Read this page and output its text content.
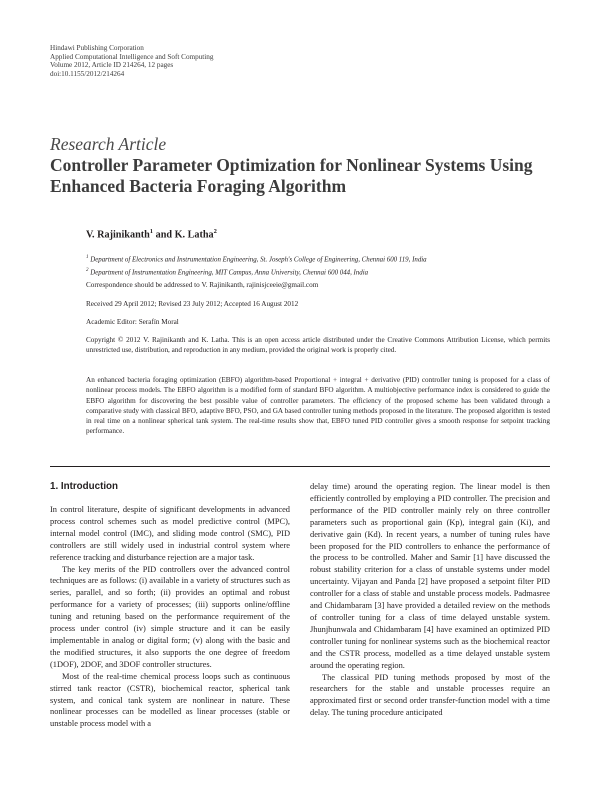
Hindawi Publishing Corporation
Applied Computational Intelligence and Soft Computing
Volume 2012, Article ID 214264, 12 pages
doi:10.1155/2012/214264
Research Article
Controller Parameter Optimization for Nonlinear Systems Using Enhanced Bacteria Foraging Algorithm
V. Rajinikanth$^1$ and K. Latha$^2$
$^1$ Department of Electronics and Instrumentation Engineering, St. Joseph's College of Engineering, Chennai 600 119, India
$^2$ Department of Instrumentation Engineering, MIT Campus, Anna University, Chennai 600 044, India
Correspondence should be addressed to V. Rajinikanth, rajinisjceeie@gmail.com
Received 29 April 2012; Revised 23 July 2012; Accepted 16 August 2012
Academic Editor: Serafín Moral
Copyright © 2012 V. Rajinikanth and K. Latha. This is an open access article distributed under the Creative Commons Attribution License, which permits unrestricted use, distribution, and reproduction in any medium, provided the original work is properly cited.
An enhanced bacteria foraging optimization (EBFO) algorithm-based Proportional + integral + derivative (PID) controller tuning is proposed for a class of nonlinear process models. The EBFO algorithm is a modified form of standard BFO algorithm. A multiobjective performance index is considered to guide the EBFO algorithm for discovering the best possible value of controller parameters. The efficiency of the proposed scheme has been validated through a comparative study with classical BFO, adaptive BFO, PSO, and GA based controller tuning methods proposed in the literature. The proposed algorithm is tested in real time on a nonlinear spherical tank system. The real-time results show that, EBFO tuned PID controller gives a smooth response for setpoint tracking performance.
1. Introduction

In control literature, despite of significant developments in advanced process control schemes such as model predictive control (MPC), internal model control (IMC), and sliding mode control (SMC), PID controllers are still widely used in industrial control system where reference tracking and disturbance rejection are a major task.

The key merits of the PID controllers over the advanced control techniques are as follows: (i) available in a variety of structures such as series, parallel, and so forth; (ii) provides an optimal and robust performance for a variety of processes; (iii) supports online/offline tuning and retuning based on the performance requirement of the process under control (iv) simple structure and it can be easily implementable in analog or digital form; (v) along with the basic and the modified structures, it also supports the one degree of freedom (1DOF), 2DOF, and 3DOF controller structures.

Most of the real-time chemical process loops such as continuous stirred tank reactor (CSTR), biochemical reactor, spherical tank system, and conical tank system are nonlinear in nature. These nonlinear processes can be modelled as linear processes (stable or unstable process model with a

delay time) around the operating region. The linear model is then efficiently controlled by employing a PID controller. The precision and performance of the PID controller mainly rely on three controller parameters such as proportional gain (Kp), integral gain (Ki), and derivative gain (Kd). In recent years, a number of tuning rules have been proposed for the PID controllers to enhance the performance of the process to be controlled. Maher and Samir [1] have discussed the robust stability criterion for a class of unstable systems under model uncertainty. Vijayan and Panda [2] have proposed a setpoint filter PID controller for a class of stable and unstable process models. Padmasree and Chidambaram [3] have provided a detailed review on the methods of controller tuning for a class of time delayed unstable system. Jhunjhunwala and Chidambaram [4] have examined an optimized PID controller tuning for nonlinear systems such as the biochemical reactor and the CSTR process, modelled as a time delayed unstable system around the operating region.

The classical PID tuning methods proposed by most of the researchers for the stable and unstable processes require an approximated first or second order transfer-function model with a time delay. The tuning procedure anticipated
